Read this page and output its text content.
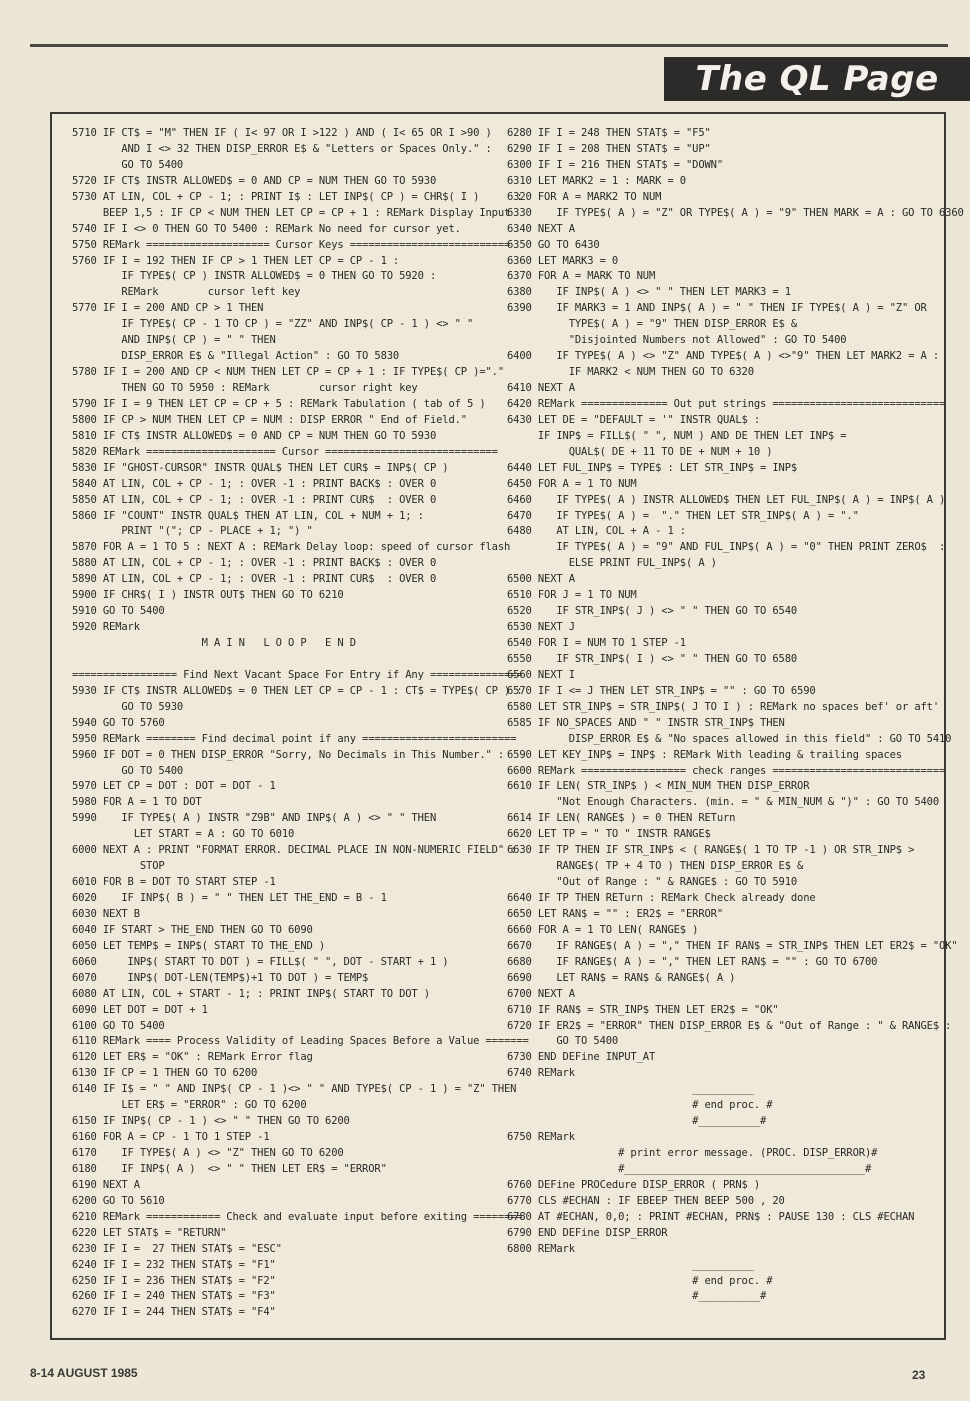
The QL Page
5710 IF CT$ = "M" THEN IF ( I< 97 OR I >122 ) AND ( I< 65 OR I >90 )
AND I <> 32 THEN DISP_ERROR E$ & "Letters or Spaces Only." :
GO TO 5400
5720 IF CT$ INSTR ALLOWED$ = 0 AND CP = NUM THEN GO TO 5930
5730 AT LIN, COL + CP - 1; : PRINT I$ : LET INP$( CP ) = CHR$( I )      :
BEEP 1,5 : IF CP < NUM THEN LET CP = CP + 1 : REMark Display Input
5740 IF I <> 0 THEN GO TO 5400 : REMark No need for cursor yet.
5750 REMark ==================== Cursor Keys ==========================
5760 IF I = 192 THEN IF CP > 1 THEN LET CP = CP - 1 :
IF TYPE$( CP ) INSTR ALLOWED$ = 0 THEN GO TO 5920 :
REMark        cursor left key
5770 IF I = 200 AND CP > 1 THEN
IF TYPE$( CP - 1 TO CP ) = "ZZ" AND INP$( CP - 1 ) <> " "
AND INP$( CP ) = " " THEN
DISP_ERROR E$ & "Illegal Action" : GO TO 5830
5780 IF I = 200 AND CP < NUM THEN LET CP = CP + 1 : IF TYPE$( CP )="."
THEN GO TO 5950 : REMark        cursor right key
5790 IF I = 9 THEN LET CP = CP + 5 : REMark Tabulation ( tab of 5 )
5800 IF CP > NUM THEN LET CP = NUM : DISP ERROR " End of Field."
5810 IF CT$ INSTR ALLOWED$ = 0 AND CP = NUM THEN GO TO 5930
5820 REMark ===================== Cursor ============================
5830 IF "GHOST-CURSOR" INSTR QUAL$ THEN LET CUR$ = INP$( CP )
5840 AT LIN, COL + CP - 1; : OVER -1 : PRINT BACK$ : OVER 0
5850 AT LIN, COL + CP - 1; : OVER -1 : PRINT CUR$  : OVER 0
5860 IF "COUNT" INSTR QUAL$ THEN AT LIN, COL + NUM + 1; :
PRINT "("; CP - PLACE + 1; ") "
5870 FOR A = 1 TO 5 : NEXT A : REMark Delay loop: speed of cursor flash
5880 AT LIN, COL + CP - 1; : OVER -1 : PRINT BACK$ : OVER 0
5890 AT LIN, COL + CP - 1; : OVER -1 : PRINT CUR$  : OVER 0
5900 IF CHR$( I ) INSTR OUT$ THEN GO TO 6210
5910 GO TO 5400
5920 REMark
M A I N   L O O P   E N D
================= Find Next Vacant Space For Entry if Any ===============
5930 IF CT$ INSTR ALLOWED$ = 0 THEN LET CP = CP - 1 : CT$ = TYPE$( CP ) :
GO TO 5930
5940 GO TO 5760
5950 REMark ======== Find decimal point if any =========================
5960 IF DOT = 0 THEN DISP_ERROR "Sorry, No Decimals in This Number." :
GO TO 5400
5970 LET CP = DOT : DOT = DOT - 1
5980 FOR A = 1 TO DOT
5990    IF TYPE$( A ) INSTR "Z9B" AND INP$( A ) <> " " THEN
LET START = A : GO TO 6010
6000 NEXT A : PRINT "FORMAT ERROR. DECIMAL PLACE IN NON-NUMERIC FIELD" :
STOP
6010 FOR B = DOT TO START STEP -1
6020    IF INP$( B ) = " " THEN LET THE_END = B - 1
6030 NEXT B
6040 IF START > THE_END THEN GO TO 6090
6050 LET TEMP$ = INP$( START TO THE_END )
6060     INP$( START TO DOT ) = FILL$( " ", DOT - START + 1 )
6070     INP$( DOT-LEN(TEMP$)+1 TO DOT ) = TEMP$
6080 AT LIN, COL + START - 1; : PRINT INP$( START TO DOT )
6090 LET DOT = DOT + 1
6100 GO TO 5400
6110 REMark ==== Process Validity of Leading Spaces Before a Value =======
6120 LET ER$ = "OK" : REMark Error flag
6130 IF CP = 1 THEN GO TO 6200
6140 IF I$ = " " AND INP$( CP - 1 )<> " " AND TYPE$( CP - 1 ) = "Z" THEN
LET ER$ = "ERROR" : GO TO 6200
6150 IF INP$( CP - 1 ) <> " " THEN GO TO 6200
6160 FOR A = CP - 1 TO 1 STEP -1
6170    IF TYPE$( A ) <> "Z" THEN GO TO 6200
6180    IF INP$( A )  <> " " THEN LET ER$ = "ERROR"
6190 NEXT A
6200 GO TO 5610
6210 REMark ============ Check and evaluate input before exiting ========
6220 LET STAT$ = "RETURN"
6230 IF I =  27 THEN STAT$ = "ESC"
6240 IF I = 232 THEN STAT$ = "F1"
6250 IF I = 236 THEN STAT$ = "F2"
6260 IF I = 240 THEN STAT$ = "F3"
6270 IF I = 244 THEN STAT$ = "F4"
6280 IF I = 248 THEN STAT$ = "F5"
6290 IF I = 208 THEN STAT$ = "UP"
6300 IF I = 216 THEN STAT$ = "DOWN"
6310 LET MARK2 = 1 : MARK = 0
6320 FOR A = MARK2 TO NUM
6330    IF TYPE$( A ) = "Z" OR TYPE$( A ) = "9" THEN MARK = A : GO TO 6360
6340 NEXT A
6350 GO TO 6430
6360 LET MARK3 = 0
6370 FOR A = MARK TO NUM
6380    IF INP$( A ) <> " " THEN LET MARK3 = 1
6390    IF MARK3 = 1 AND INP$( A ) = " " THEN IF TYPE$( A ) = "Z" OR
TYPE$( A ) = "9" THEN DISP_ERROR E$ &
"Disjointed Numbers not Allowed" : GO TO 5400
6400    IF TYPE$( A ) <> "Z" AND TYPE$( A ) <>"9" THEN LET MARK2 = A :
IF MARK2 < NUM THEN GO TO 6320
6410 NEXT A
6420 REMark ============== Out put strings ============================
6430 LET DE = "DEFAULT = '" INSTR QUAL$ :
IF INP$ = FILL$( " ", NUM ) AND DE THEN LET INP$ =
QUAL$( DE + 11 TO DE + NUM + 10 )
6440 LET FUL_INP$ = TYPE$ : LET STR_INP$ = INP$
6450 FOR A = 1 TO NUM
6460    IF TYPE$( A ) INSTR ALLOWED$ THEN LET FUL_INP$( A ) = INP$( A )
6470    IF TYPE$( A ) =  "." THEN LET STR_INP$( A ) = "."
6480    AT LIN, COL + A - 1 :
IF TYPE$( A ) = "9" AND FUL_INP$( A ) = "0" THEN PRINT ZERO$  :
ELSE PRINT FUL_INP$( A )
6500 NEXT A
6510 FOR J = 1 TO NUM
6520    IF STR_INP$( J ) <> " " THEN GO TO 6540
6530 NEXT J
6540 FOR I = NUM TO 1 STEP -1
6550    IF STR_INP$( I ) <> " " THEN GO TO 6580
6560 NEXT I
6570 IF I <= J THEN LET STR_INP$ = "" : GO TO 6590
6580 LET STR_INP$ = STR_INP$( J TO I ) : REMark no spaces bef' or aft'
6585 IF NO_SPACES AND " " INSTR STR_INP$ THEN
DISP_ERROR E$ & "No spaces allowed in this field" : GO TO 5410
6590 LET KEY_INP$ = INP$ : REMark With leading & trailing spaces
6600 REMark ================= check ranges ============================
6610 IF LEN( STR_INP$ ) < MIN_NUM THEN DISP_ERROR
"Not Enough Characters. (min. = " & MIN_NUM & ")" : GO TO 5400
6614 IF LEN( RANGE$ ) = 0 THEN RETurn
6620 LET TP = " TO " INSTR RANGE$
6630 IF TP THEN IF STR_INP$ < ( RANGE$( 1 TO TP -1 ) OR STR_INP$ >
RANGE$( TP + 4 TO ) THEN DISP_ERROR E$ &
"Out of Range : " & RANGE$ : GO TO 5910
6640 IF TP THEN RETurn : REMark Check already done
6650 LET RAN$ = "" : ER2$ = "ERROR"
6660 FOR A = 1 TO LEN( RANGE$ )
6670    IF RANGE$( A ) = "," THEN IF RAN$ = STR_INP$ THEN LET ER2$ = "OK"
6680    IF RANGE$( A ) = "," THEN LET RAN$ = "" : GO TO 6700
6690    LET RAN$ = RAN$ & RANGE$( A )
6700 NEXT A
6710 IF RAN$ = STR_INP$ THEN LET ER2$ = "OK"
6720 IF ER2$ = "ERROR" THEN DISP_ERROR E$ & "Out of Range : " & RANGE$ :
GO TO 5400
6730 END DEFine INPUT_AT
6740 REMark
__________
# end proc. #
#__________#
6750 REMark
# print error message. (PROC. DISP_ERROR)#
#_______________________________________#
6760 DEFine PROCedure DISP_ERROR ( PRN$ )
6770 CLS #ECHAN : IF EBEEP THEN BEEP 500 , 20
6780 AT #ECHAN, 0,0; : PRINT #ECHAN, PRN$ : PAUSE 130 : CLS #ECHAN
6790 END DEFine DISP_ERROR
6800 REMark
__________
# end proc. #
#__________#
8-14 AUGUST 1985	23
